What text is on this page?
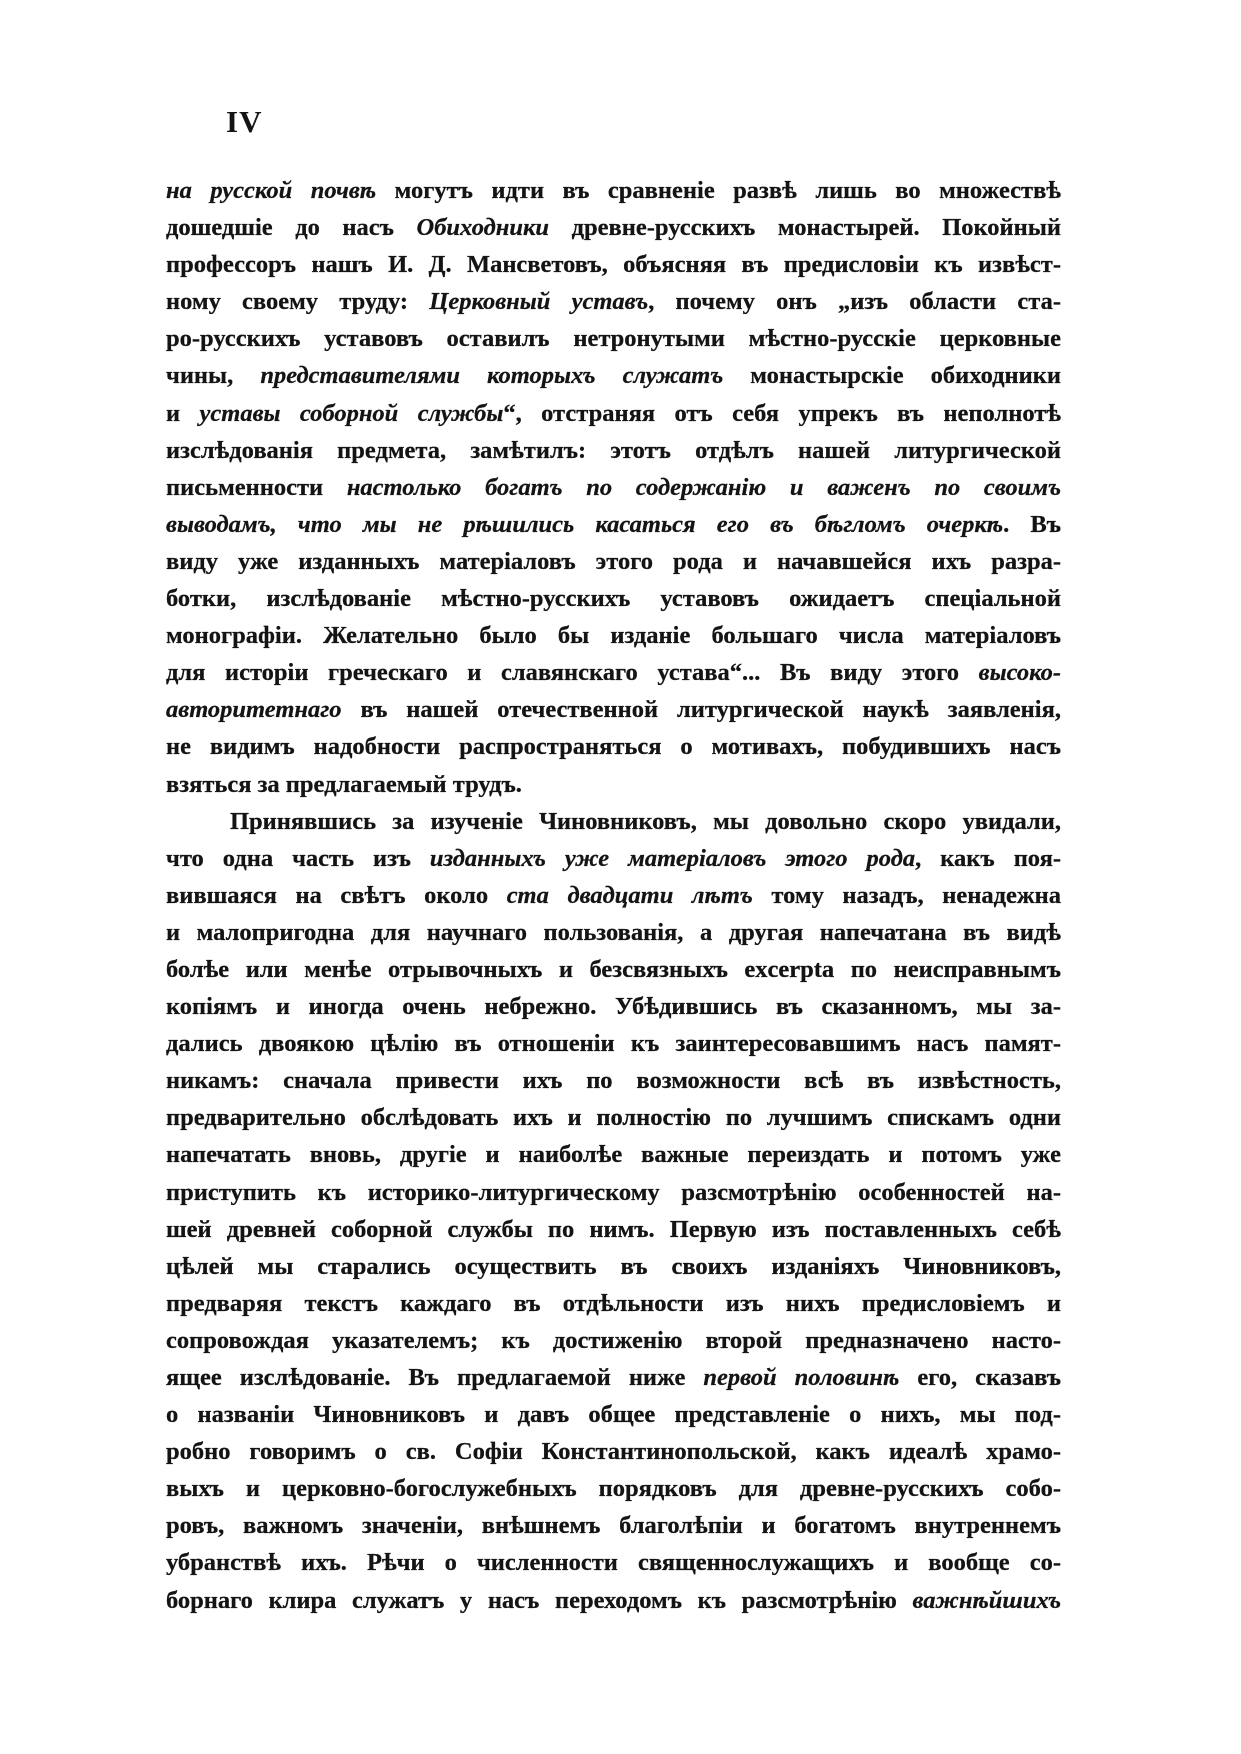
IV
на русской почвѣ могутъ идти въ сравненіе развѣ лишь во множествѣ
дошедшіе до насъ Обиходники древне-русскихъ монастырей. Покойный
профессоръ нашъ И. Д. Мансветовъ, объясняя въ предисловіи къ извѣст-
ному своему труду: Церковный уставъ, почему онъ „изъ области ста-
ро-русскихъ уставовъ оставилъ нетронутыми мѣстно-русскіе церковные
чины, представителями которыхъ служатъ монастырскіе обиходники
и уставы соборной службы“, отстраняя отъ себя упрекъ въ неполнотѣ
изслѣдованія предмета, замѣтилъ: этотъ отдѣлъ нашей литургической
письменности настолько богатъ по содержанію и важенъ по своимъ
выводамъ, что мы не рѣшились касаться его въ бѣгломъ очеркѣ. Въ
виду уже изданныхъ матеріаловъ этого рода и начавшейся ихъ разра-
ботки, изслѣдованіе мѣстно-русскихъ уставовъ ожидаетъ спеціальной
монографіи. Желательно было бы изданіе большаго числа матеріаловъ
для исторіи греческаго и славянскаго устава“... Въ виду этого высоко-
авторитетнаго въ нашей отечественной литургической наукѣ заявленія,
не видимъ надобности распространяться о мотивахъ, побудившихъ насъ
взяться за предлагаемый трудъ.
Принявшись за изученіе Чиновниковъ, мы довольно скоро увидали,
что одна часть изъ изданныхъ уже матеріаловъ этого рода, какъ поя-
вившаяся на свѣтъ около ста двадцати лѣтъ тому назадъ, ненадежна
и малопригодна для научнаго пользованія, а другая напечатана въ видѣ
болѣе или менѣе отрывочныхъ и безсвязныхъ excerpta по неисправнымъ
копіямъ и иногда очень небрежно. Убѣдившись въ сказанномъ, мы за-
дались двоякою цѣлію въ отношеніи къ заинтересовавшимъ насъ памят-
никамъ: сначала привести ихъ по возможности всѣ въ извѣстность,
предварительно обслѣдовать ихъ и полностію по лучшимъ спискамъ одни
напечатать вновь, другіе и наиболѣе важные переиздать и потомъ уже
приступить къ историко-литургическому разсмотрѣнію особенностей на-
шей древней соборной службы по нимъ. Первую изъ поставленныхъ себѣ
цѣлей мы старались осуществить въ своихъ изданіяхъ Чиновниковъ,
предваряя текстъ каждаго въ отдѣльности изъ нихъ предисловіемъ и
сопровождая указателемъ; къ достиженію второй предназначено насто-
ящее изслѣдованіе. Въ предлагаемой ниже первой половинѣ его, сказавъ
о названіи Чиновниковъ и давъ общее представленіе о нихъ, мы под-
робно говоримъ о св. Софіи Константинопольской, какъ идеалѣ храмо-
выхъ и церковно-богослужебныхъ порядковъ для древне-русскихъ собо-
ровъ, важномъ значеніи, внѣшнемъ благолѣпіи и богатомъ внутреннемъ
убранствѣ ихъ. Рѣчи о численности священнослужащихъ и вообще со-
борнаго клира служатъ у насъ переходомъ къ разсмотрѣнію важнѣйшихъ
